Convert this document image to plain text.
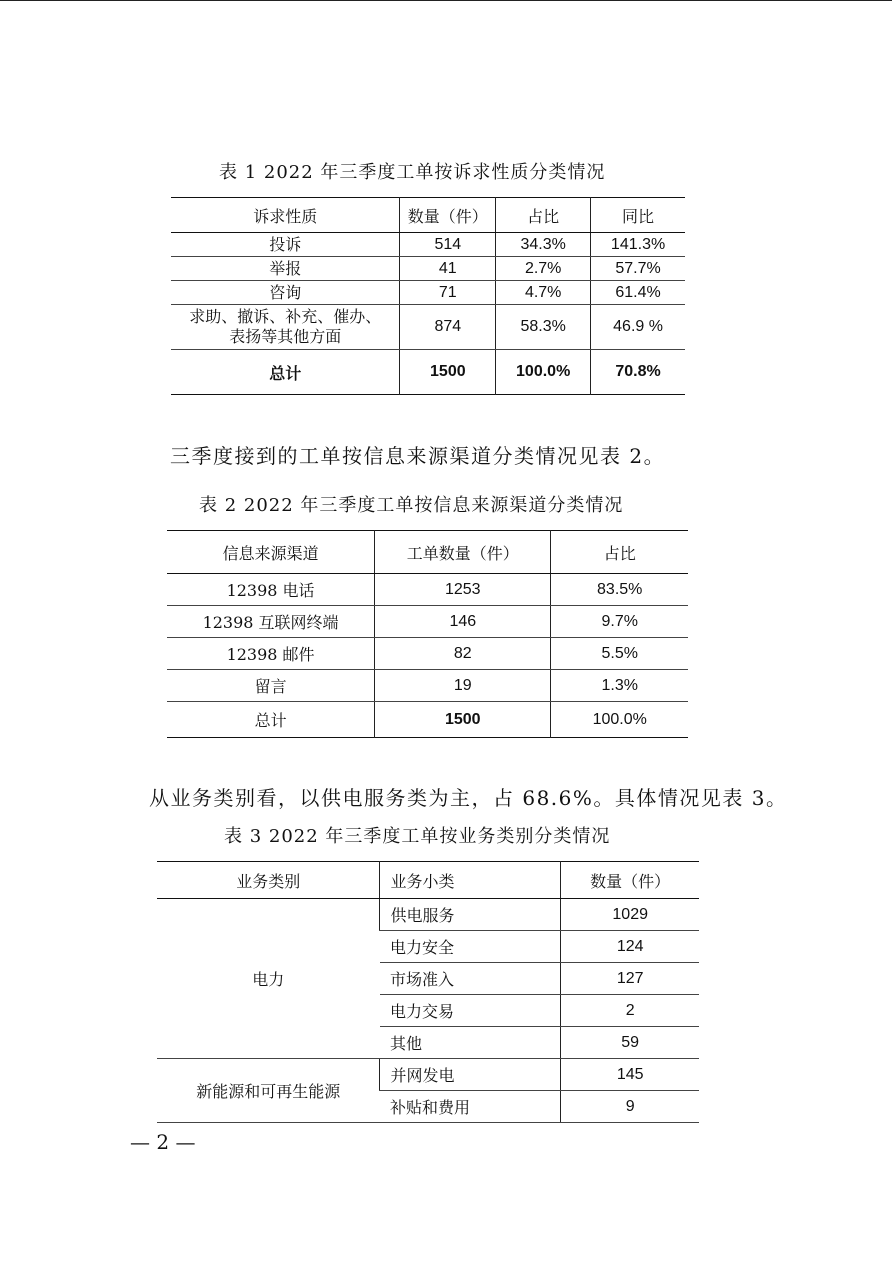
表 1 2022 年三季度工单按诉求性质分类情况
诉求性质	数量（件）	占比	同比
投诉	514	34.3%	141.3%
举报	41	2.7%	57.7%
咨询	71	4.7%	61.4%

求助、撤诉、补充、催办、
表扬等其他方面	874	58.3%	46.9 %
总计	1500	100.0%	70.8%
三季度接到的工单按信息来源渠道分类情况见表 2。
表 2 2022 年三季度工单按信息来源渠道分类情况
信息来源渠道	工单数量（件）	占比
12398 电话	1253	83.5%
12398 互联网终端	146	9.7%
12398 邮件	82	5.5%
留言	19	1.3%
总计	1500	100.0%
从业务类别看，以供电服务类为主，占 68.6%。具体情况见表 3。
表 3 2022 年三季度工单按业务类别分类情况
业务类别	业务小类	数量（件）
电力	供电服务	1029
	电力安全	124
	市场准入	127
	电力交易	2
	其他	59
新能源和可再生能源	并网发电	145
	补贴和费用	9
— 2 —
